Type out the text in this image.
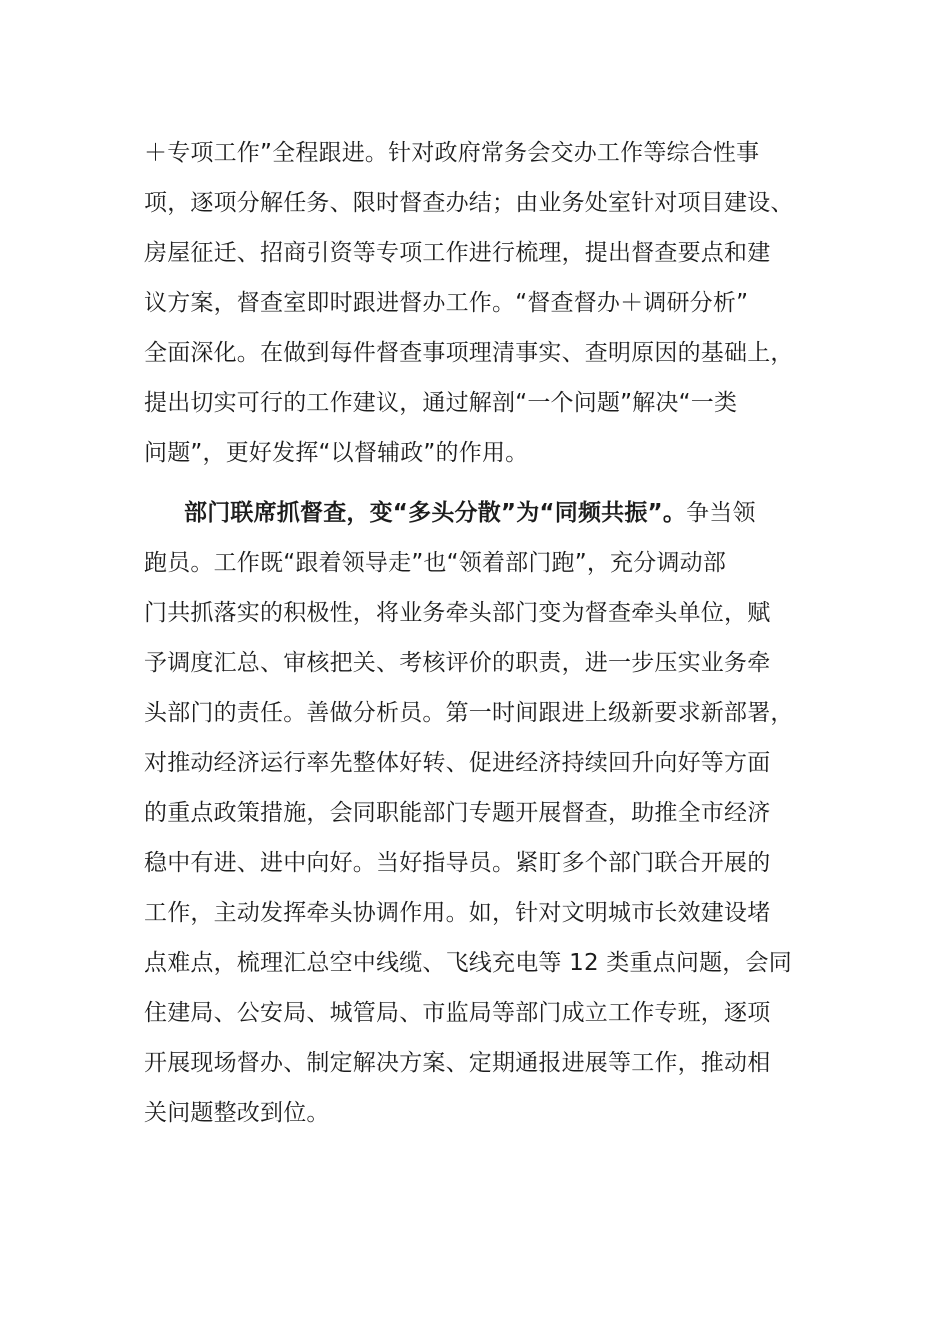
＋专项工作”全程跟进。针对政府常务会交办工作等综合性事
项，逐项分解任务、限时督查办结；由业务处室针对项目建设、
房屋征迁、招商引资等专项工作进行梳理，提出督查要点和建
议方案，督查室即时跟进督办工作。“督查督办＋调研分析”
全面深化。在做到每件督查事项理清事实、查明原因的基础上，
提出切实可行的工作建议，通过解剖“一个问题”解决“一类
问题”，更好发挥“以督辅政”的作用。
部门联席抓督查，变“多头分散”为“同频共振”。争当领
跑员。工作既“跟着领导走”也“领着部门跑”，充分调动部
门共抓落实的积极性，将业务牵头部门变为督查牵头单位，赋
予调度汇总、审核把关、考核评价的职责，进一步压实业务牵
头部门的责任。善做分析员。第一时间跟进上级新要求新部署，
对推动经济运行率先整体好转、促进经济持续回升向好等方面
的重点政策措施，会同职能部门专题开展督查，助推全市经济
稳中有进、进中向好。当好指导员。紧盯多个部门联合开展的
工作，主动发挥牵头协调作用。如，针对文明城市长效建设堵
点难点，梳理汇总空中线缆、飞线充电等 12 类重点问题，会同
住建局、公安局、城管局、市监局等部门成立工作专班，逐项
开展现场督办、制定解决方案、定期通报进展等工作，推动相
关问题整改到位。
